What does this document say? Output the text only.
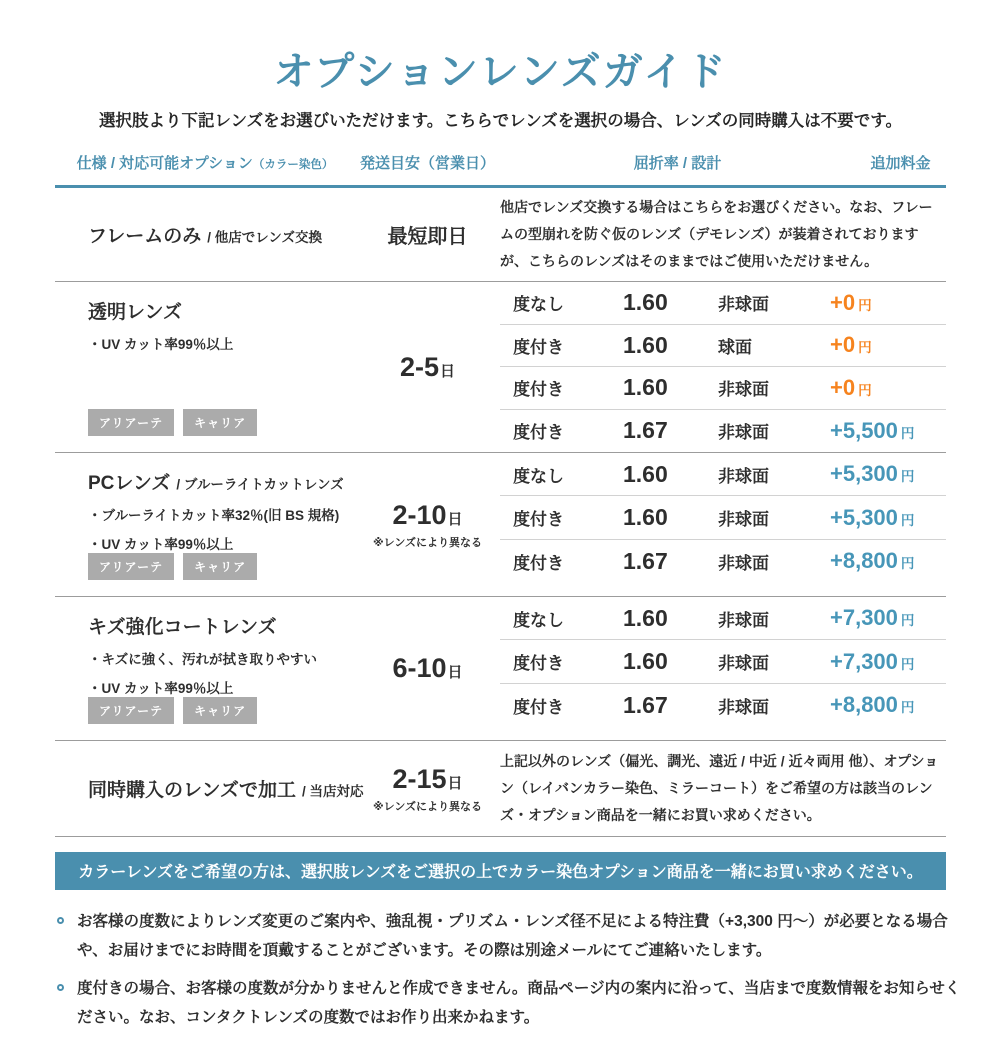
オプションレンズガイド

選択肢より下記レンズをお選びいただけます。こちらでレンズを選択の場合、レンズの同時購入は不要です。

仕様 / 対応可能オプション（カラー染色）	発送目安（営業日）	屈折率 / 設計	追加料金
フレームのみ / 他店でレンズ交換	最短即日

他店でレンズ交換する場合はこちらをお選びください。なお、フレームの型崩れを防ぐ仮のレンズ（デモレンズ）が装着されておりますが、こちらのレンズはそのままではご使用いただけません。

透明レンズ
・UV カット率99％以上
アリアーテ	キャリア
2-5日
度なし	1.60	非球面	+0 円
度付き	1.60	球面	+0 円
度付き	1.60	非球面	+0 円
度付き	1.67	非球面	+5,500 円
PCレンズ / ブルーライトカットレンズ
・ブルーライトカット率32％(旧 BS 規格)
・UV カット率99％以上
アリアーテ	キャリア
2-10日
※レンズにより異なる
度なし	1.60	非球面	+5,300 円
度付き	1.60	非球面	+5,300 円
度付き	1.67	非球面	+8,800 円
キズ強化コートレンズ
・キズに強く、汚れが拭き取りやすい
・UV カット率99％以上
アリアーテ	キャリア
6-10日
度なし	1.60	非球面	+7,300 円
度付き	1.60	非球面	+7,300 円
度付き	1.67	非球面	+8,800 円
同時購入のレンズで加工 / 当店対応 2-15日
※レンズにより異なる

上記以外のレンズ（偏光、調光、遠近 / 中近 / 近々両用 他）、オプション（レイバンカラー染色、ミラーコート）をご希望の方は該当のレンズ・オプション商品を一緒にお買い求めください。

カラーレンズをご希望の方は、選択肢レンズをご選択の上でカラー染色オプション商品を一緒にお買い求めください。

お客様の度数によりレンズ変更のご案内や、強乱視・プリズム・レンズ径不足による特注費（+3,300 円〜）が必要となる場合や、お届けまでにお時間を頂戴することがございます。その際は別途メールにてご連絡いたします。

度付きの場合、お客様の度数が分かりませんと作成できません。商品ページ内の案内に沿って、当店まで度数情報をお知らせください。なお、コンタクトレンズの度数ではお作り出来かねます。
